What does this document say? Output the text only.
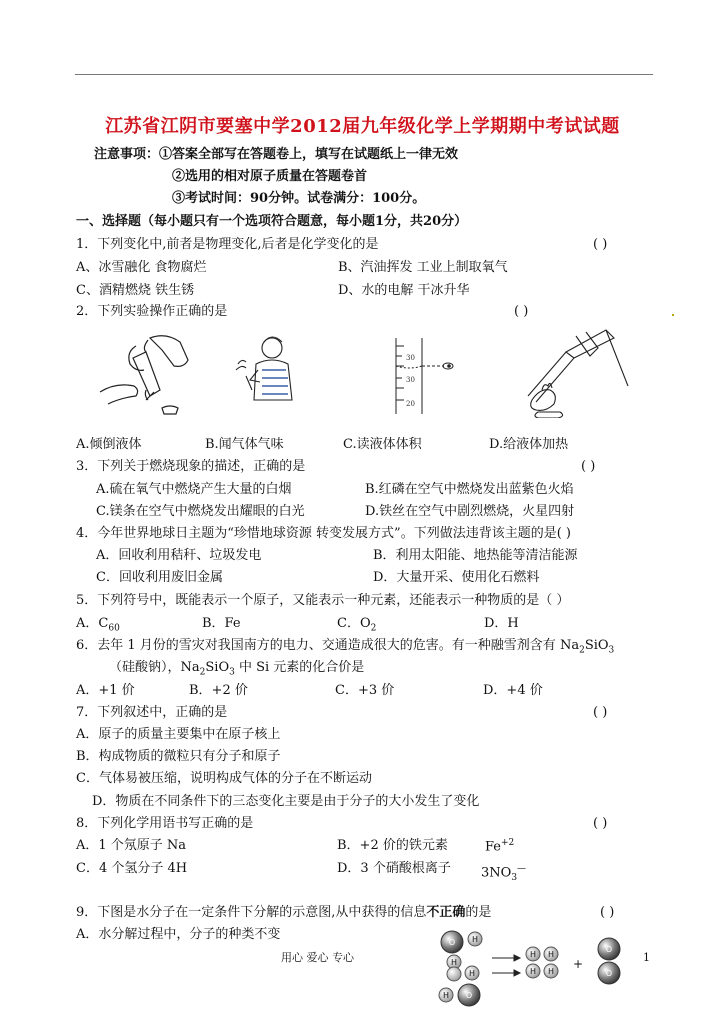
江苏省江阴市要塞中学2012届九年级化学上学期期中考试试题
注意事项：①答案全部写在答题卷上，填写在试题纸上一律无效
②选用的相对原子质量在答题卷首
③考试时间：90分钟。试卷满分：100分。
一、选择题（每小题只有一个选项符合题意，每小题1分，共20分）
1．下列变化中,前者是物理变化,后者是化学变化的是	( )
A、冰雪融化 食物腐烂	B、汽油挥发 工业上制取氧气
C、酒精燃烧 铁生锈	D、水的电解 干冰升华
2．下列实验操作正确的是	( )
30
30
20
A.倾倒液体	B.闻气体气味	C.读液体体积	D.给液体加热
3．下列关于燃烧现象的描述，正确的是	( )
A.硫在氧气中燃烧产生大量的白烟	B.红磷在空气中燃烧发出蓝紫色火焰
C.镁条在空气中燃烧发出耀眼的白光	D.铁丝在空气中剧烈燃烧，火星四射
4．今年世界地球日主题为“珍惜地球资源 转变发展方式”。下列做法违背该主题的是( )
A．回收利用秸秆、垃圾发电	B．利用太阳能、地热能等清洁能源
C．回收利用废旧金属	D．大量开采、使用化石燃料
5．下列符号中，既能表示一个原子，又能表示一种元素，还能表示一种物质的是（ ）
A．$C_{60}$	B．Fe	C．$O_2$	D．H
6．去年 1 月份的雪灾对我国南方的电力、交通造成很大的危害。有一种融雪剂含有 $Na_2SiO_3$
（硅酸钠），$Na_2SiO_3$ 中 Si 元素的化合价是
A．+1 价	B．+2 价	C．+3 价	D．+4 价
7．下列叙述中，正确的是	( )
A．原子的质量主要集中在原子核上
B．构成物质的微粒只有分子和原子
C．气体易被压缩，说明构成气体的分子在不断运动
D．物质在不同条件下的三态变化主要是由于分子的大小发生了变化
8．下列化学用语书写正确的是	( )
A．1 个氖原子 Na	B．+2 价的铁元素	$Fe^{+2}$
C．4 个氢分子 4H	D．3 个硝酸根离子 $3NO_3^—$
9．下图是水分子在一定条件下分解的示意图,从中获得的信息不正确的是	( )
A．水分解过程中，分子的种类不变
用心 爱心 专心	1
O H
H
H
H O
H H
H H
+
O
O
